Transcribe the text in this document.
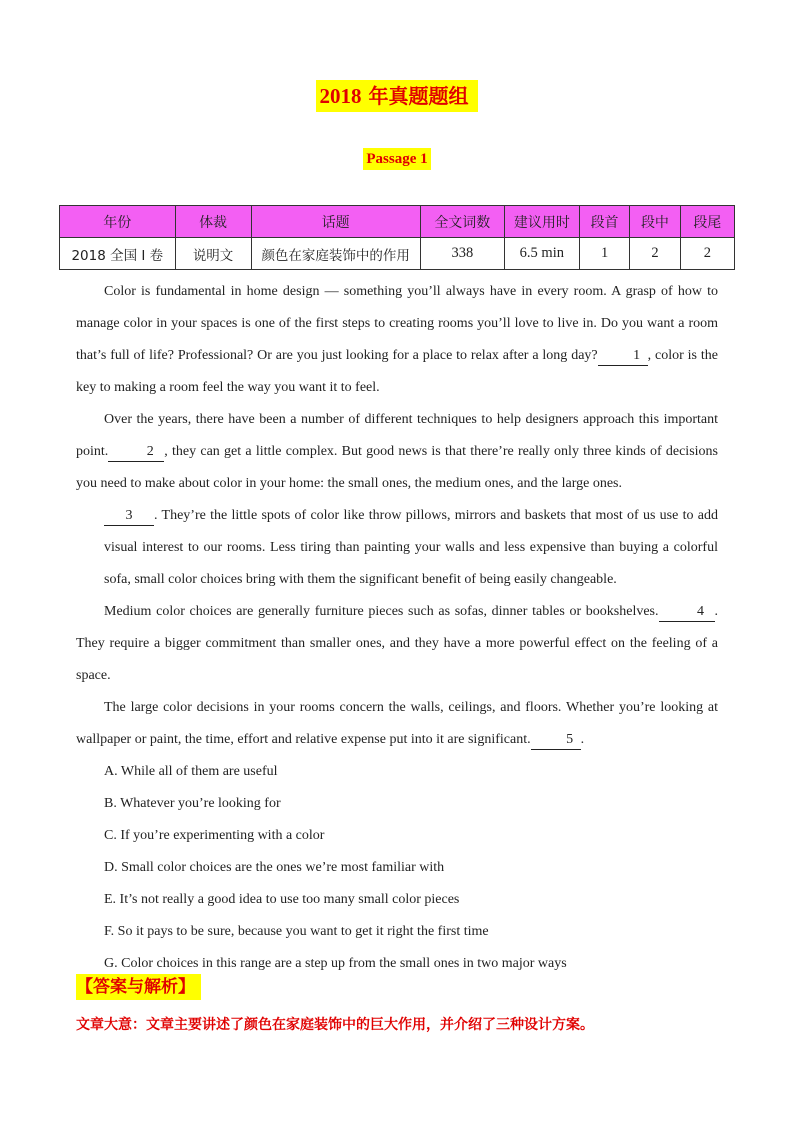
2018 年真题题组
Passage 1
年份	体裁	话题	全文词数	建议用时	段首	段中	段尾
2018 全国 I 卷	说明文	颜色在家庭装饰中的作用	338	6.5 min	1	2	2

Color is fundamental in home design — something you’ll always have in every room. A grasp of how to manage color in your spaces is one of the first steps to creating rooms you’ll love to live in. Do you want a room that’s full of life? Professional? Or are you just looking for a place to relax after a long day?	1 , color is the key to making a room feel the way you want it to feel.

Over the years, there have been a number of different techniques to help designers approach this important point.	2 , they can get a little complex. But good news is that there’re really only three kinds of decisions you need to make about color in your home: the small ones, the medium ones, and the large ones.

3 . They’re the little spots of color like throw pillows, mirrors and baskets that most of us use to add visual interest to our rooms. Less tiring than painting your walls and less expensive than buying a colorful sofa, small color choices bring with them the significant benefit of being easily changeable.

Medium color choices are generally furniture pieces such as sofas, dinner tables or bookshelves.	4 . They require a bigger commitment than smaller ones, and they have a more powerful effect on the feeling of a space.

The large color decisions in your rooms concern the walls, ceilings, and floors. Whether you’re looking at wallpaper or paint, the time, effort and relative expense put into it are significant.	5 .

A. While all of them are useful
B. Whatever you’re looking for
C. If you’re experimenting with a color
D. Small color choices are the ones we’re most familiar with
E. It’s not really a good idea to use too many small color pieces
F. So it pays to be sure, because you want to get it right the first time
G. Color choices in this range are a step up from the small ones in two major ways
【答案与解析】
文章大意：文章主要讲述了颜色在家庭装饰中的巨大作用，并介绍了三种设计方案。
